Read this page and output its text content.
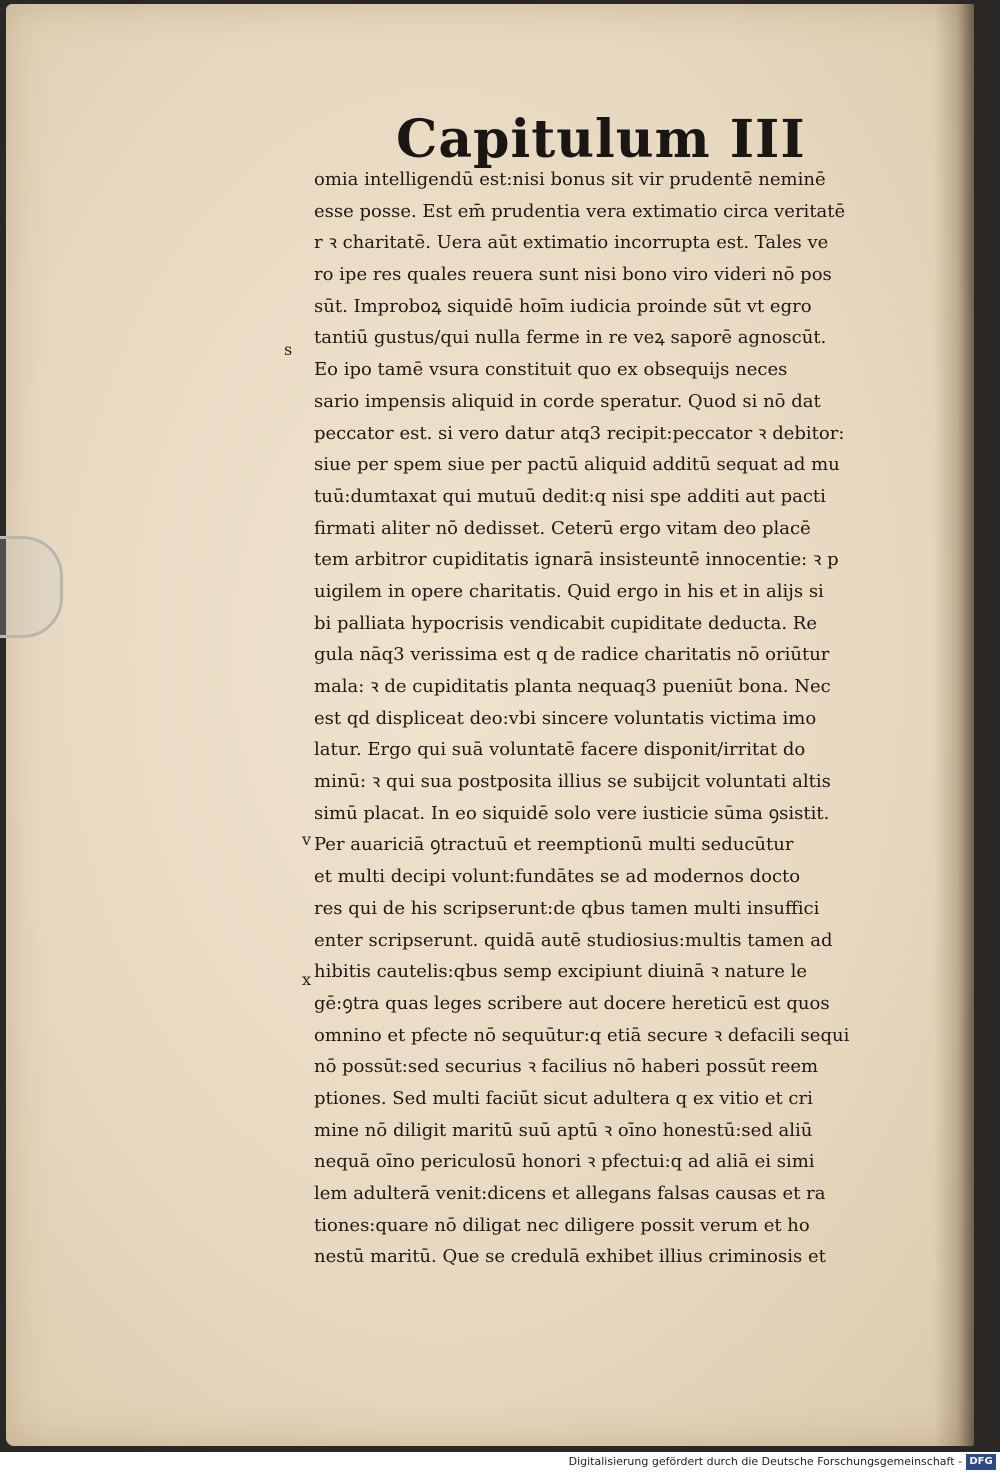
Capitulum III
s
v
x
omia intelligendū est:nisi bonus sit vir prudentē neminē
esse posse. Est em̄ prudentia vera extimatio circa veritatē
r ꝛ charitatē. Uera aūt extimatio incorrupta est. Tales ve
ro ipe res quales reuera sunt nisi bono viro videri nō pos
sūt. Improboꝝ siquidē hoīm iudicia proinde sūt vt egro
tantiū gustus/qui nulla ferme in re veꝝ saporē agnoscūt.
Eo ipo tamē vsura constituit quo ex obsequijs neces
sario impensis aliquid in corde speratur. Quod si nō dat
peccator est. si vero datur atq3 recipit:peccator ꝛ debitor:
siue per spem siue per pactū aliquid additū sequat ad mu
tuū:dumtaxat qui mutuū dedit:q nisi spe additi aut pacti
firmati aliter nō dedisset. Ceterū ergo vitam deo placē
tem arbitror cupiditatis ignarā insisteuntē innocentie: ꝛ p
uigilem in opere charitatis. Quid ergo in his et in alijs si
bi palliata hypocrisis vendicabit cupiditate deducta. Re
gula nāq3 verissima est q de radice charitatis nō oriūtur
mala: ꝛ de cupiditatis planta nequaq3 pueniūt bona. Nec
est qd displiceat deo:vbi sincere voluntatis victima imo
latur. Ergo qui suā voluntatē facere disponit/irritat do
minū: ꝛ qui sua postposita illius se subijcit voluntati altis
simū placat. In eo siquidē solo vere iusticie sūma ꝯsistit.
Per auariciā ꝯtractuū et reemptionū multi seducūtur
et multi decipi volunt:fundātes se ad modernos docto
res qui de his scripserunt:de qbus tamen multi insuffici
enter scripserunt. quidā autē studiosius:multis tamen ad
hibitis cautelis:qbus semp excipiunt diuinā ꝛ nature le
gē:ꝯtra quas leges scribere aut docere hereticū est quos
omnino et pfecte nō sequūtur:q etiā secure ꝛ defacili sequi
nō possūt:sed securius ꝛ facilius nō haberi possūt reem
ptiones. Sed multi faciūt sicut adultera q ex vitio et cri
mine nō diligit maritū suū aptū ꝛ oīno honestū:sed aliū
nequā oīno periculosū honori ꝛ pfectui:q ad aliā ei simi
lem adulterā venit:dicens et allegans falsas causas et ra
tiones:quare nō diligat nec diligere possit verum et ho
nestū maritū. Que se credulā exhibet illius criminosis et
Digitalisierung gefördert durch die Deutsche Forschungsgemeinschaft - DFG
